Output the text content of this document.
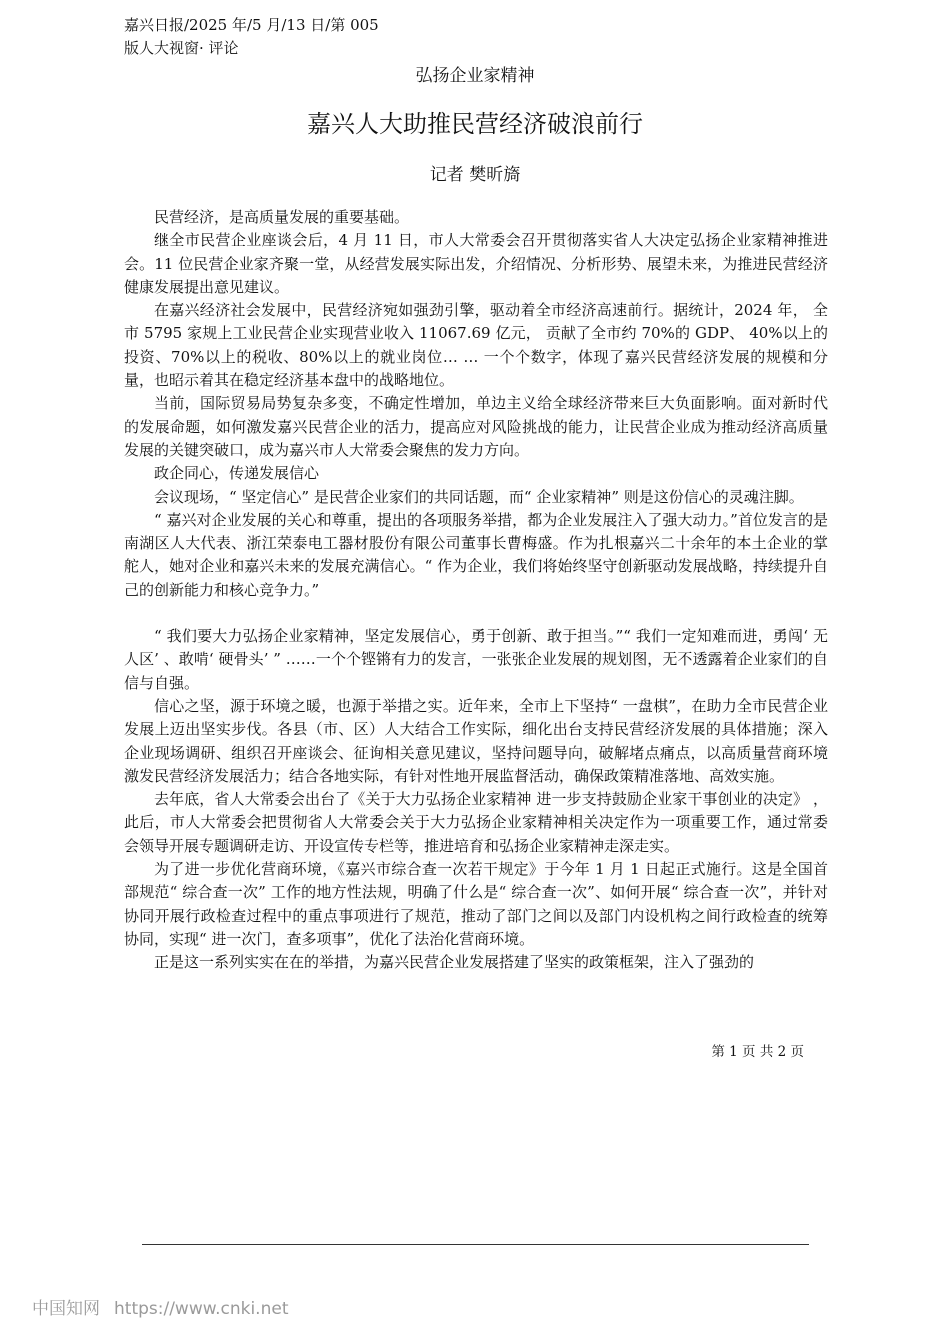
嘉兴日报/2025 年/5 月/13 日/第 005
版人大视窗· 评论
弘扬企业家精神
嘉兴人大助推民营经济破浪前行
记者 樊昕旖

民营经济，是高质量发展的重要基础。

继全市民营企业座谈会后，4 月 11 日，市人大常委会召开贯彻落实省人大决定弘扬企业家精神推进会。11 位民营企业家齐聚一堂，从经营发展实际出发，介绍情况、分析形势、展望未来，为推进民营经济健康发展提出意见建议。

在嘉兴经济社会发展中，民营经济宛如强劲引擎，驱动着全市经济高速前行。据统计，2024 年， 全市 5795 家规上工业民营企业实现营业收入 11067.69 亿元， 贡献了全市约 70%的 GDP、 40%以上的投资、70%以上的税收、80%以上的就业岗位… … 一个个数字，体现了嘉兴民营经济发展的规模和分量，也昭示着其在稳定经济基本盘中的战略地位。

当前，国际贸易局势复杂多变，不确定性增加，单边主义给全球经济带来巨大负面影响。面对新时代的发展命题，如何激发嘉兴民营企业的活力，提高应对风险挑战的能力，让民营企业成为推动经济高质量发展的关键突破口，成为嘉兴市人大常委会聚焦的发力方向。

政企同心，传递发展信心

会议现场，“ 坚定信心” 是民营企业家们的共同话题，而“ 企业家精神” 则是这份信心的灵魂注脚。

“ 嘉兴对企业发展的关心和尊重，提出的各项服务举措，都为企业发展注入了强大动力。”首位发言的是南湖区人大代表、浙江荣泰电工器材股份有限公司董事长曹梅盛。作为扎根嘉兴二十余年的本土企业的掌舵人，她对企业和嘉兴未来的发展充满信心。“ 作为企业，我们将始终坚守创新驱动发展战略，持续提升自己的创新能力和核心竞争力。”

“ 我们要大力弘扬企业家精神，坚定发展信心，勇于创新、敢于担当。”“ 我们一定知难而进，勇闯‘ 无人区’ 、敢啃‘ 硬骨头’ ” ……一个个铿锵有力的发言，一张张企业发展的规划图，无不透露着企业家们的自信与自强。

信心之坚，源于环境之暖，也源于举措之实。近年来，全市上下坚持“ 一盘棋”，在助力全市民营企业发展上迈出坚实步伐。各县（市、区）人大结合工作实际，细化出台支持民营经济发展的具体措施；深入企业现场调研、组织召开座谈会、征询相关意见建议，坚持问题导向，破解堵点痛点，以高质量营商环境激发民营经济发展活力；结合各地实际，有针对性地开展监督活动，确保政策精准落地、高效实施。

去年底，省人大常委会出台了《关于大力弘扬企业家精神 进一步支持鼓励企业家干事创业的决定》 ，此后，市人大常委会把贯彻省人大常委会关于大力弘扬企业家精神相关决定作为一项重要工作，通过常委会领导开展专题调研走访、开设宣传专栏等，推进培育和弘扬企业家精神走深走实。

为了进一步优化营商环境，《嘉兴市综合查一次若干规定》于今年 1 月 1 日起正式施行。这是全国首部规范“ 综合查一次” 工作的地方性法规，明确了什么是“ 综合查一次”、如何开展“ 综合查一次”，并针对协同开展行政检查过程中的重点事项进行了规范，推动了部门之间以及部门内设机构之间行政检查的统筹协同，实现“ 进一次门，查多项事”，优化了法治化营商环境。

正是这一系列实实在在的举措，为嘉兴民营企业发展搭建了坚实的政策框架，注入了强劲的

第 1 页 共 2 页
中国知网 https://www.cnki.net
